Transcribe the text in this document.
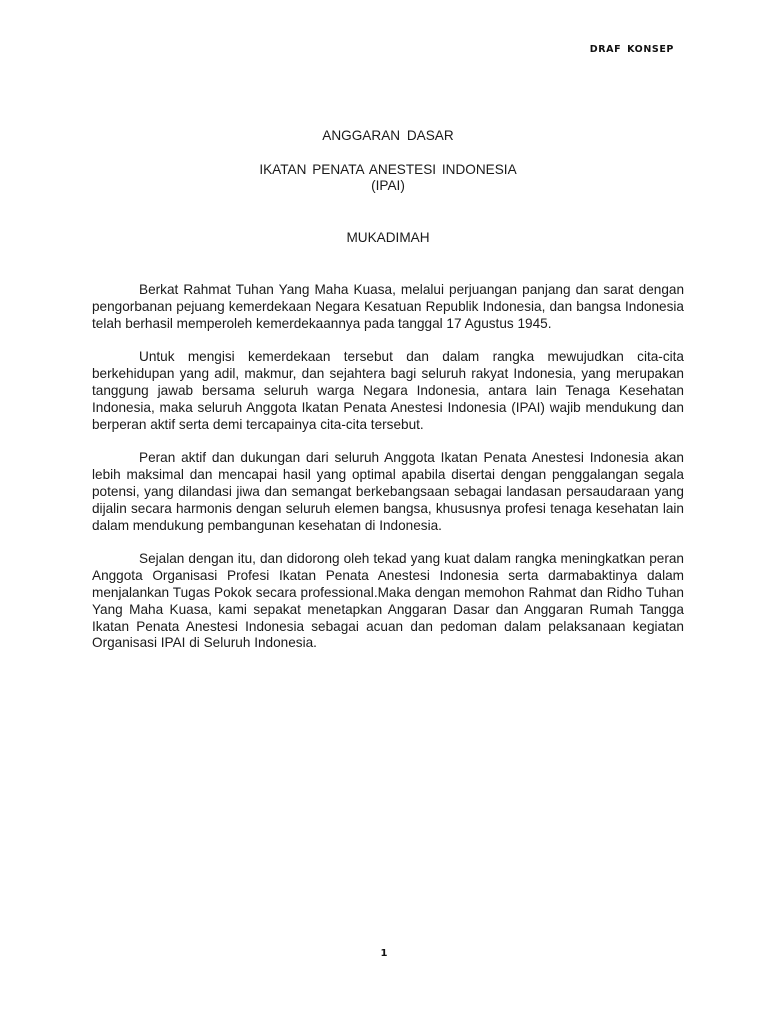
DRAF KONSEP
ANGGARAN DASAR
IKATAN PENATA ANESTESI INDONESIA
(IPAI)
MUKADIMAH

Berkat Rahmat Tuhan Yang Maha Kuasa, melalui perjuangan panjang dan sarat dengan pengorbanan pejuang kemerdekaan Negara Kesatuan Republik Indonesia, dan bangsa Indonesia telah berhasil memperoleh kemerdekaannya pada tanggal 17 Agustus 1945.

Untuk mengisi kemerdekaan tersebut dan dalam rangka mewujudkan cita-cita berkehidupan yang adil, makmur, dan sejahtera bagi seluruh rakyat Indonesia, yang merupakan tanggung jawab bersama seluruh warga Negara Indonesia, antara lain Tenaga Kesehatan Indonesia, maka seluruh Anggota Ikatan Penata Anestesi Indonesia (IPAI) wajib mendukung dan berperan aktif serta demi tercapainya cita-cita tersebut.

Peran aktif dan dukungan dari seluruh Anggota Ikatan Penata Anestesi Indonesia akan lebih maksimal dan mencapai hasil yang optimal apabila disertai dengan penggalangan segala potensi, yang dilandasi jiwa dan semangat berkebangsaan sebagai landasan persaudaraan yang dijalin secara harmonis dengan seluruh elemen bangsa, khususnya profesi tenaga kesehatan lain dalam mendukung pembangunan kesehatan di Indonesia.

Sejalan dengan itu, dan didorong oleh tekad yang kuat dalam rangka meningkatkan peran Anggota Organisasi Profesi Ikatan Penata Anestesi Indonesia serta darmabaktinya dalam menjalankan Tugas Pokok secara professional.Maka dengan memohon Rahmat dan Ridho Tuhan Yang Maha Kuasa, kami sepakat menetapkan Anggaran Dasar dan Anggaran Rumah Tangga Ikatan Penata Anestesi Indonesia sebagai acuan dan pedoman dalam pelaksanaan kegiatan Organisasi IPAI di Seluruh Indonesia.

1
